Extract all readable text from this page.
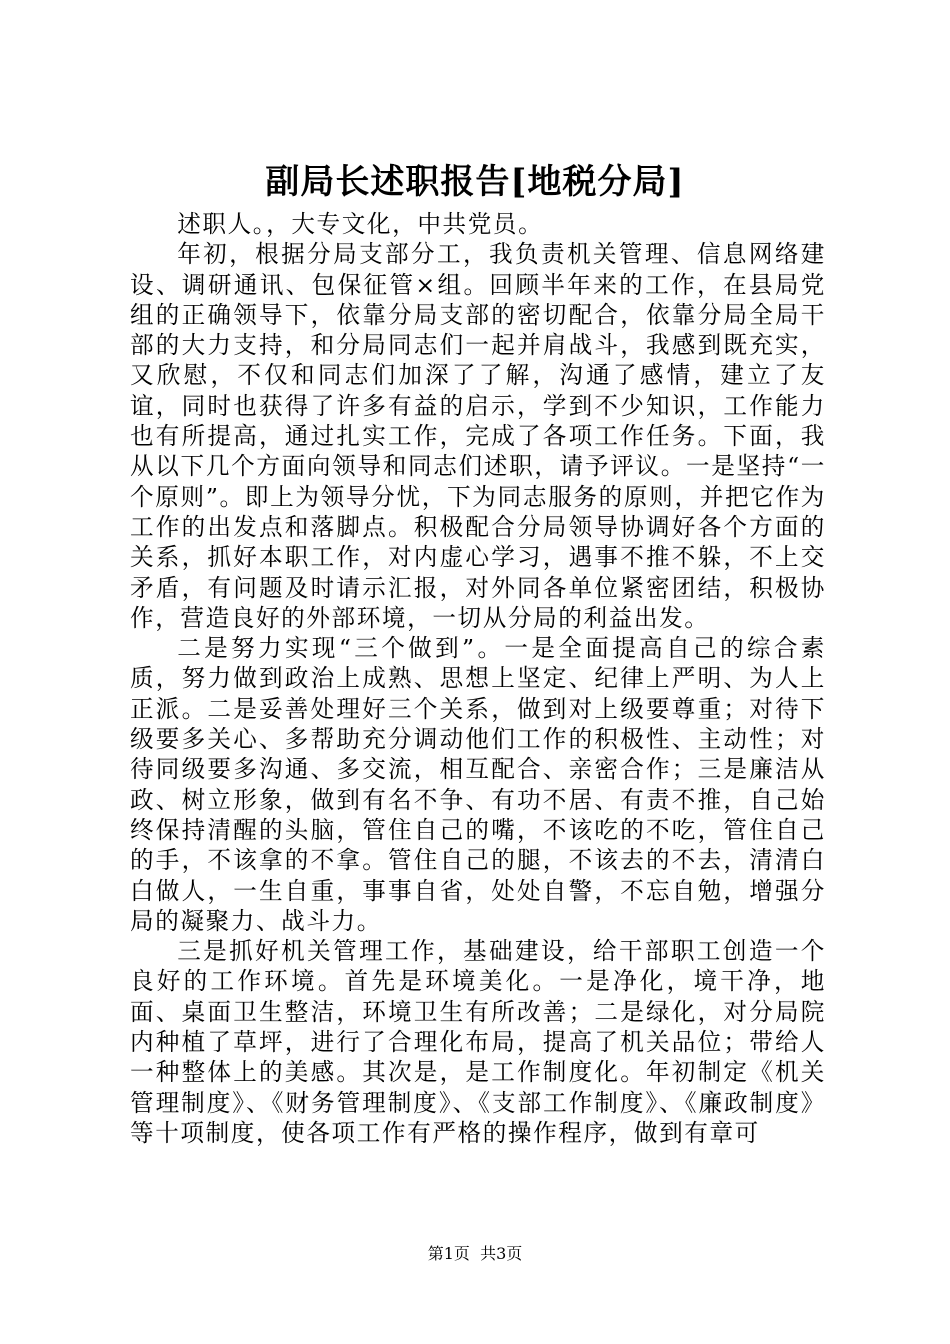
副局长述职报告[地税分局]

述职人。，大专文化，中共党员。

年初，根据分局支部分工，我负责机关管理、信息网络建设、调研通讯、包保征管×组。回顾半年来的工作，在县局党组的正确领导下，依靠分局支部的密切配合，依靠分局全局干部的大力支持，和分局同志们一起并肩战斗，我感到既充实，又欣慰，不仅和同志们加深了了解，沟通了感情，建立了友谊，同时也获得了许多有益的启示，学到不少知识，工作能力也有所提高，通过扎实工作，完成了各项工作任务。下面，我从以下几个方面向领导和同志们述职，请予评议。一是坚持“一个原则”。即上为领导分忧，下为同志服务的原则，并把它作为工作的出发点和落脚点。积极配合分局领导协调好各个方面的关系，抓好本职工作，对内虚心学习，遇事不推不躲，不上交矛盾，有问题及时请示汇报，对外同各单位紧密团结，积极协作，营造良好的外部环境，一切从分局的利益出发。

二是努力实现“三个做到”。一是全面提高自己的综合素质，努力做到政治上成熟、思想上坚定、纪律上严明、为人上正派。二是妥善处理好三个关系，做到对上级要尊重；对待下级要多关心、多帮助充分调动他们工作的积极性、主动性；对待同级要多沟通、多交流，相互配合、亲密合作；三是廉洁从政、树立形象，做到有名不争、有功不居、有责不推，自己始终保持清醒的头脑，管住自己的嘴，不该吃的不吃，管住自己的手，不该拿的不拿。管住自己的腿，不该去的不去，清清白白做人，一生自重，事事自省，处处自警，不忘自勉，增强分局的凝聚力、战斗力。

三是抓好机关管理工作，基础建设，给干部职工创造一个良好的工作环境。首先是环境美化。一是净化，境干净，地面、桌面卫生整洁，环境卫生有所改善；二是绿化，对分局院内种植了草坪，进行了合理化布局，提高了机关品位；带给人一种整体上的美感。其次是，是工作制度化。年初制定《机关管理制度》、《财务管理制度》、《支部工作制度》、《廉政制度》等十项制度，使各项工作有严格的操作程序，做到有章可

第1页  共3页
